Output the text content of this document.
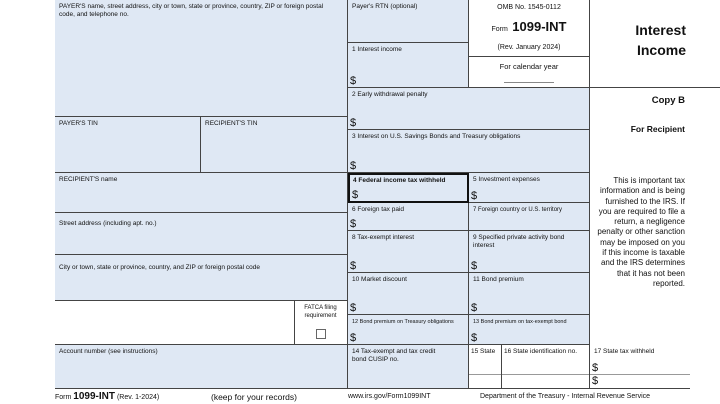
PAYER'S name, street address, city or town, state or province, country, ZIP or foreign postal code, and telephone no.
PAYER'S TIN	RECIPIENT'S TIN
RECIPIENT'S name
Street address (including apt. no.)
City or town, state or province, country, and ZIP or foreign postal code
FATCA filing requirement
Account number (see instructions)
Payer's RTN (optional)
1 Interest income
$
2 Early withdrawal penalty
$
3 Interest on U.S. Savings Bonds and Treasury obligations
$
OMB No. 1545-0112
Form 1099-INT
(Rev. January 2024)
For calendar year
Interest
Income
Copy B
For Recipient
This is important tax information and is being furnished to the IRS. If you are required to file a return, a negligence penalty or other sanction may be imposed on you if this income is taxable and the IRS determines that it has not been reported.
4 Federal income tax withheld
$
5 Investment expenses
$
6 Foreign tax paid
$
7 Foreign country or U.S. territory
8 Tax-exempt interest
$
9 Specified private activity bond interest
$
10 Market discount
$
11 Bond premium
$
12 Bond premium on Treasury obligations
$
13 Bond premium on tax-exempt bond
$
14 Tax-exempt and tax credit bond CUSIP no.
15 State	16 State identification no.	17 State tax withheld
$
$
Form 1099-INT (Rev. 1-2024)	(keep for your records)	www.irs.gov/Form1099INT	Department of the Treasury - Internal Revenue Service
